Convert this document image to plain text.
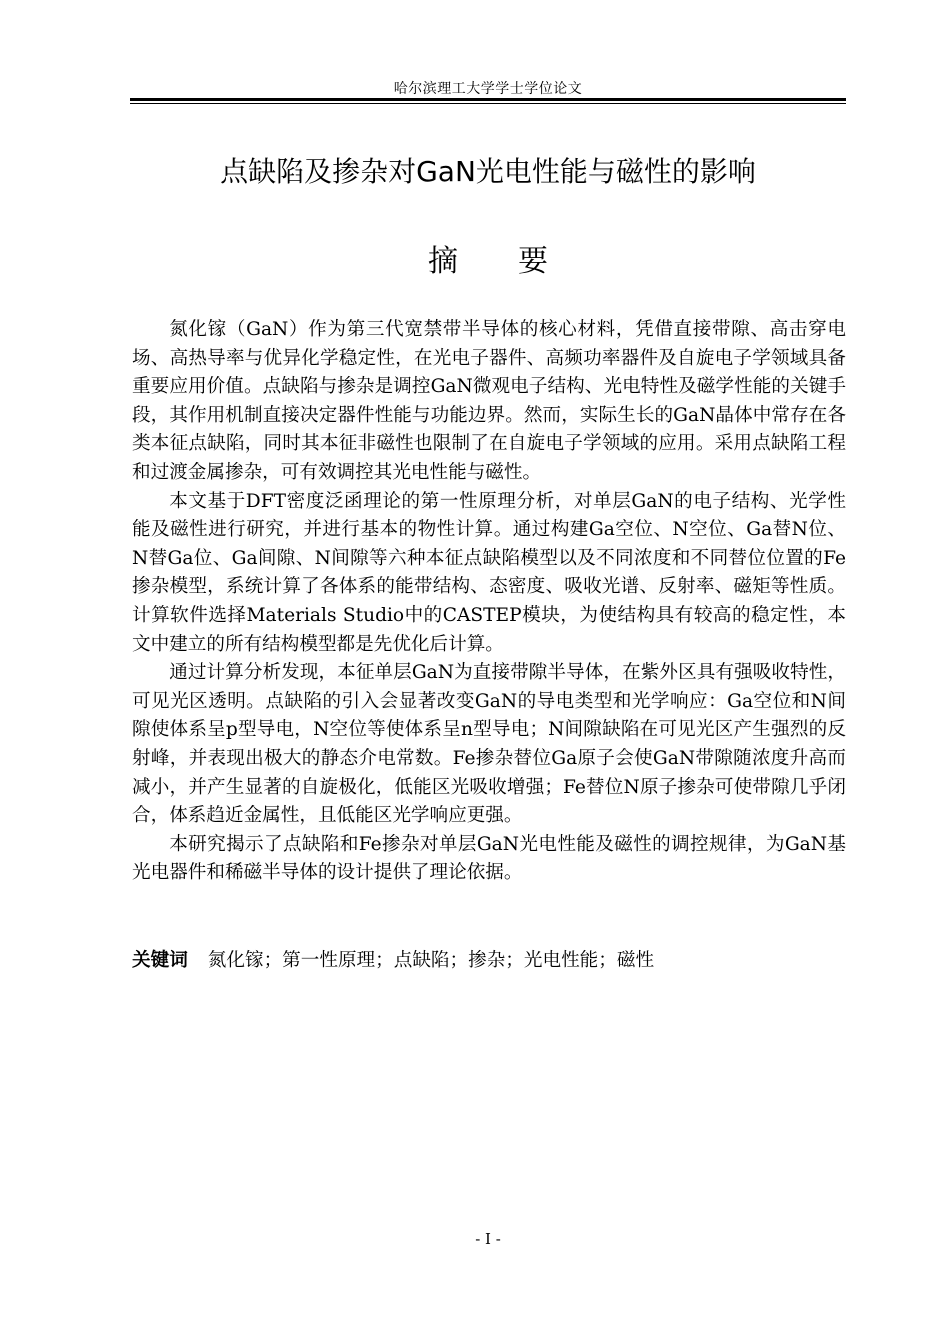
哈尔滨理工大学学士学位论文
点缺陷及掺杂对GaN光电性能与磁性的影响
摘要

氮化镓（GaN）作为第三代宽禁带半导体的核心材料，凭借直接带隙、高击穿电场、高热导率与优异化学稳定性，在光电子器件、高频功率器件及自旋电子学领域具备重要应用价值。点缺陷与掺杂是调控GaN微观电子结构、光电特性及磁学性能的关键手段，其作用机制直接决定器件性能与功能边界。然而，实际生长的GaN晶体中常存在各类本征点缺陷，同时其本征非磁性也限制了在自旋电子学领域的应用。采用点缺陷工程和过渡金属掺杂，可有效调控其光电性能与磁性。

本文基于DFT密度泛函理论的第一性原理分析，对单层GaN的电子结构、光学性能及磁性进行研究，并进行基本的物性计算。通过构建Ga空位、N空位、Ga替N位、N替Ga位、Ga间隙、N间隙等六种本征点缺陷模型以及不同浓度和不同替位位置的Fe掺杂模型，系统计算了各体系的能带结构、态密度、吸收光谱、反射率、磁矩等性质。计算软件选择Materials Studio中的CASTEP模块，为使结构具有较高的稳定性，本文中建立的所有结构模型都是先优化后计算。

通过计算分析发现，本征单层GaN为直接带隙半导体，在紫外区具有强吸收特性，可见光区透明。点缺陷的引入会显著改变GaN的导电类型和光学响应：Ga空位和N间隙使体系呈p型导电，N空位等使体系呈n型导电；N间隙缺陷在可见光区产生强烈的反射峰，并表现出极大的静态介电常数。Fe掺杂替位Ga原子会使GaN带隙随浓度升高而减小，并产生显著的自旋极化，低能区光吸收增强；Fe替位N原子掺杂可使带隙几乎闭合，体系趋近金属性，且低能区光学响应更强。

本研究揭示了点缺陷和Fe掺杂对单层GaN光电性能及磁性的调控规律，为GaN基光电器件和稀磁半导体的设计提供了理论依据。

关键词 氮化镓；第一性原理；点缺陷；掺杂；光电性能；磁性
- I -
